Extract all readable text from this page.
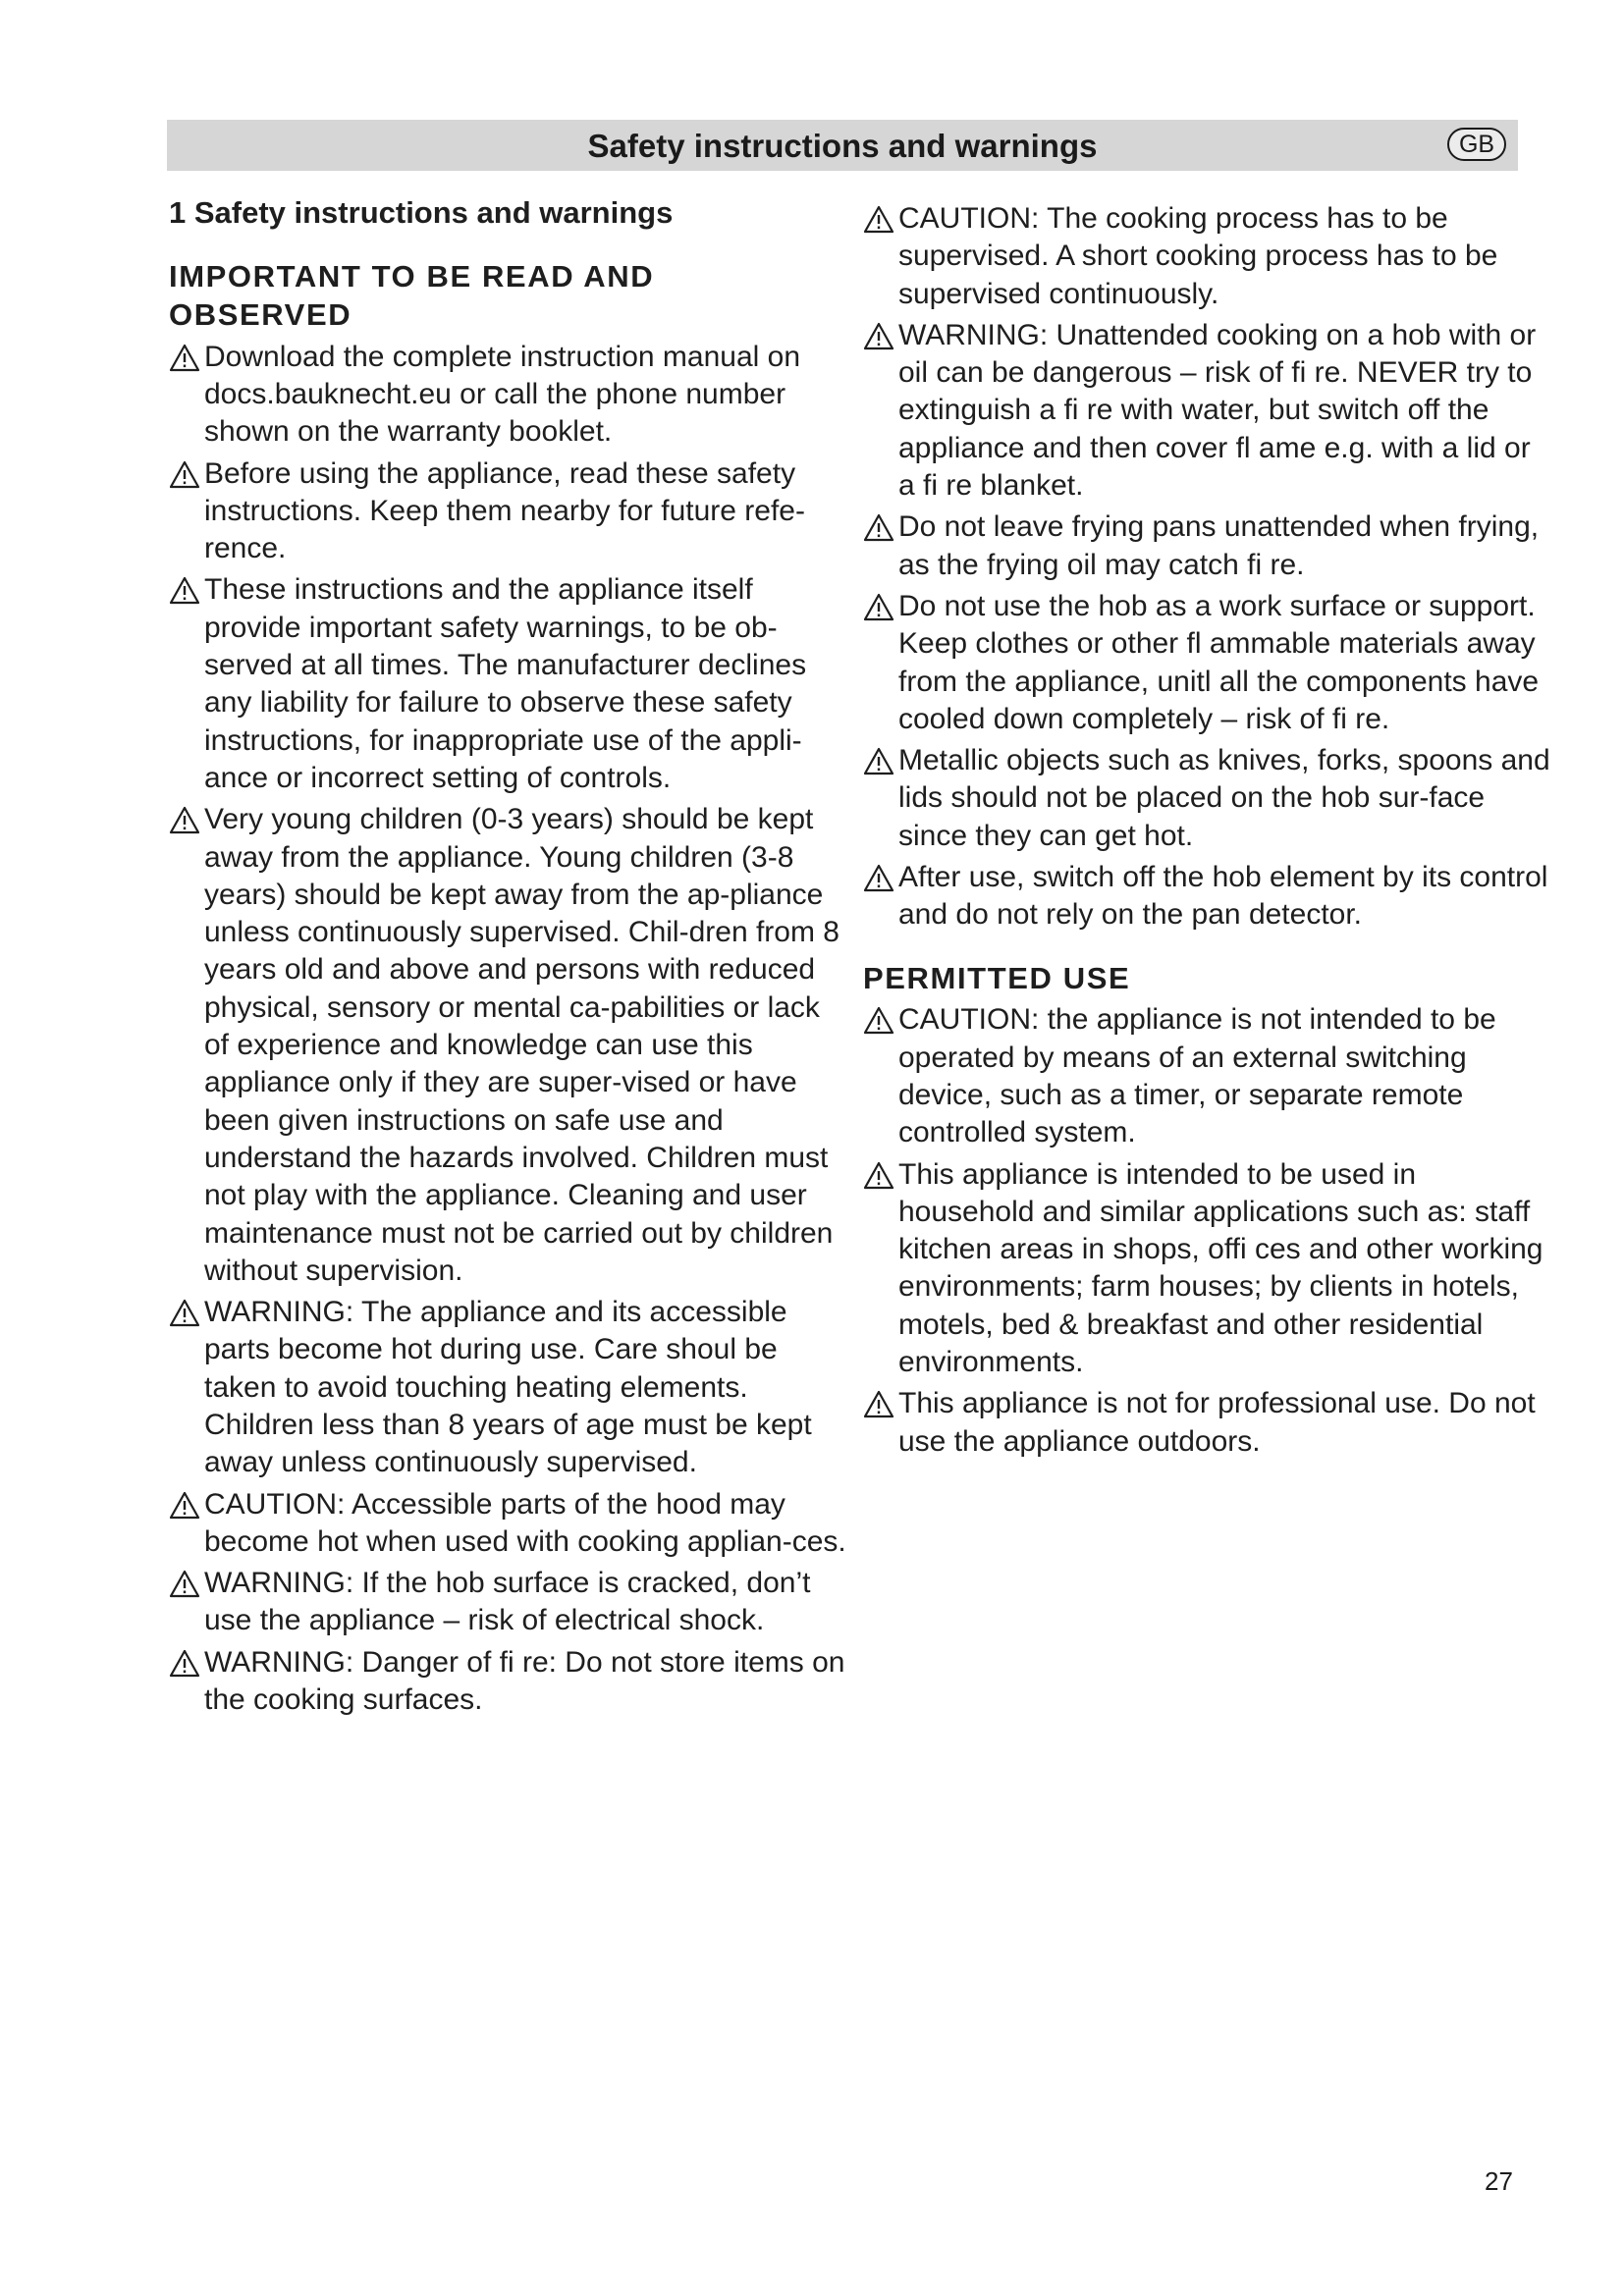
Safety instructions and warnings	GB
1 Safety instructions and warnings
IMPORTANT TO BE READ AND OBSERVED
Download the complete instruction manual on docs.bauknecht.eu or call the phone number shown on the warranty booklet.
Before using the appliance, read these safety instructions. Keep them nearby for future refe-rence.
These instructions and the appliance itself provide important safety warnings, to be ob-served at all times. The manufacturer declines any liability for failure to observe these safety instructions, for inappropriate use of the appli-ance or incorrect setting of controls.
Very young children (0-3 years) should be kept away from the appliance. Young children (3-8 years) should be kept away from the ap-pliance unless continuously supervised. Chil-dren from 8 years old and above and persons with reduced physical, sensory or mental ca-pabilities or lack of experience and knowledge can use this appliance only if they are super-vised or have been given instructions on safe use and understand the hazards involved. Children must not play with the appliance. Cleaning and user maintenance must not be carried out by children without supervision.
WARNING: The appliance and its accessible parts become hot during use. Care shoul be taken to avoid touching heating elements. Children less than 8 years of age must be kept away unless continuously supervised.
CAUTION: Accessible parts of the hood may become hot when used with cooking applian-ces.
WARNING: If the hob surface is cracked, don’t use the appliance – risk of electrical shock.
WARNING: Danger of fi re: Do not store items on the cooking surfaces.
CAUTION: The cooking process has to be supervised. A short cooking process has to be supervised continuously.
WARNING: Unattended cooking on a hob with or oil can be dangerous – risk of fi re. NEVER try to extinguish a fi re with water, but switch off the appliance and then cover fl ame e.g. with a lid or a fi re blanket.
Do not leave frying pans unattended when frying, as the frying oil may catch fi re.
Do not use the hob as a work surface or support. Keep clothes or other fl ammable materials away from the appliance, unitl all the components have cooled down completely – risk of fi re.
Metallic objects such as knives, forks, spoons and lids should not be placed on the hob sur-face since they can get hot.
After use, switch off the hob element by its control and do not rely on the pan detector.
PERMITTED USE
CAUTION: the appliance is not intended to be operated by means of an external switching device, such as a timer, or separate remote controlled system.
This appliance is intended to be used in household and similar applications such as: staff kitchen areas in shops, offi ces and other working environments; farm houses; by clients in hotels, motels, bed & breakfast and other residential environments.
This appliance is not for professional use. Do not use the appliance outdoors.
27
